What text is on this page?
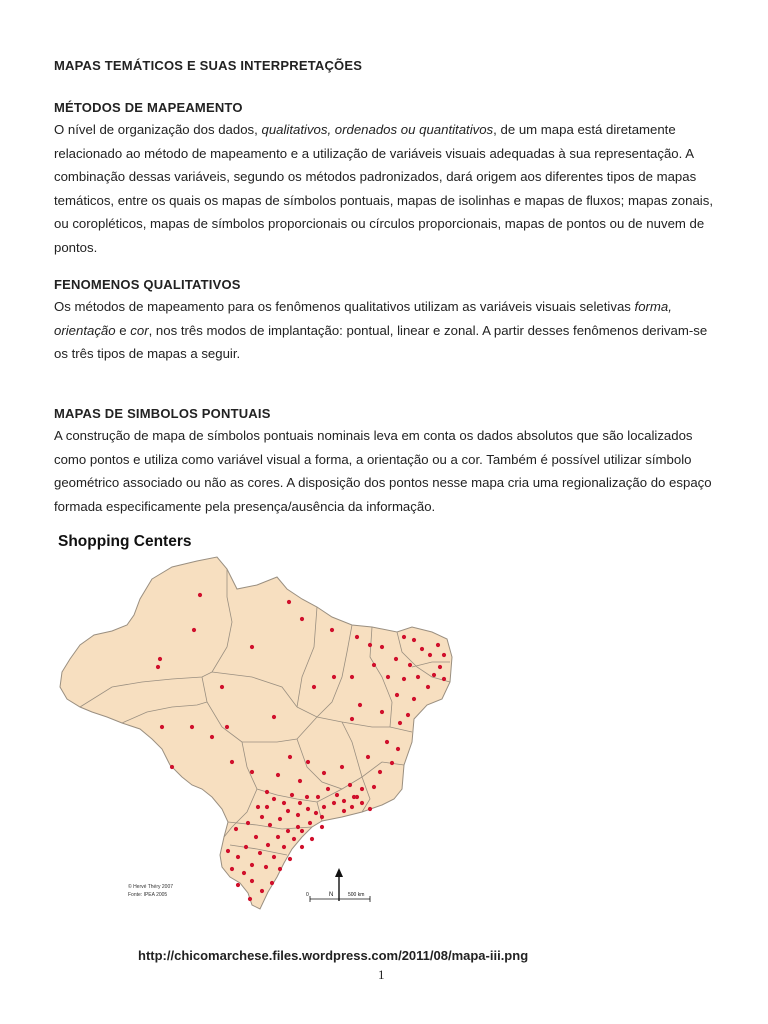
MAPAS TEMÁTICOS E SUAS INTERPRETAÇÕES
MÉTODOS DE MAPEAMENTO

O nível de organização dos dados, qualitativos, ordenados ou quantitativos, de um mapa está diretamente relacionado ao método de mapeamento e a utilização de variáveis visuais adequadas à sua representação. A combinação dessas variáveis, segundo os métodos padronizados, dará origem aos diferentes tipos de mapas temáticos, entre os quais os mapas de símbolos pontuais, mapas de isolinhas e mapas de fluxos; mapas zonais, ou coropléticos, mapas de símbolos proporcionais ou círculos proporcionais, mapas de pontos ou de nuvem de pontos.

FENOMENOS QUALITATIVOS

Os métodos de mapeamento para os fenômenos qualitativos utilizam as variáveis visuais seletivas forma, orientação e cor, nos três modos de implantação: pontual, linear e zonal. A partir desses fenômenos derivam-se os três tipos de mapas a seguir.

MAPAS DE SIMBOLOS PONTUAIS

A construção de mapa de símbolos pontuais nominais leva em conta os dados absolutos que são localizados como pontos e utiliza como variável visual a forma, a orientação ou a cor. Também é possível utilizar símbolo geométrico associado ou não as cores. A disposição dos pontos nesse mapa cria uma regionalização do espaço formada especificamente pela presença/ausência da informação.

Shopping Centers
© Hervé Théry 2007
Fonte: IPEA 2005	N
0	500 km
http://chicomarchese.files.wordpress.com/2011/08/mapa-iii.png
1
